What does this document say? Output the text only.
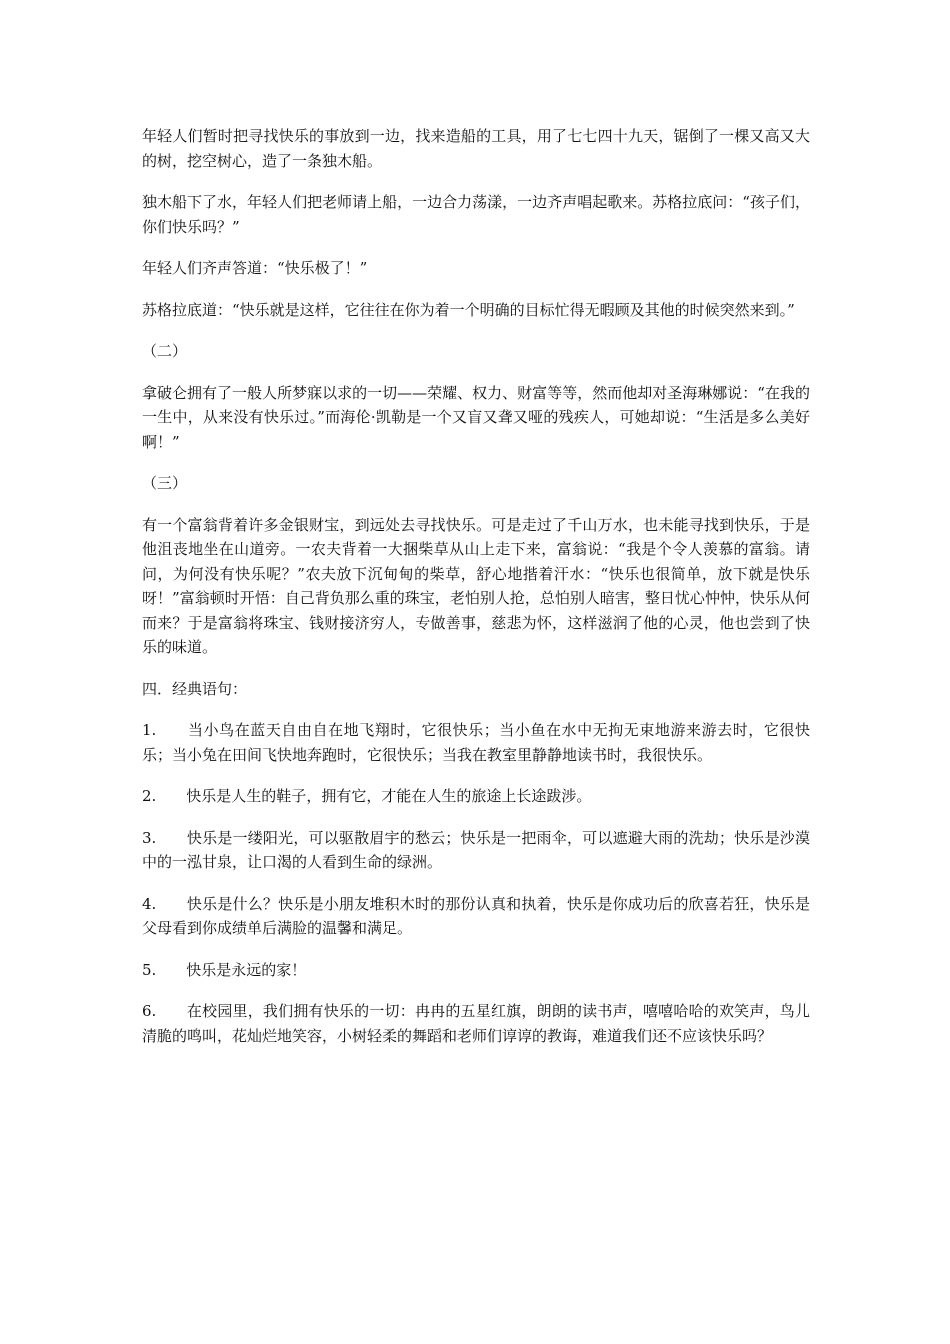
年轻人们暂时把寻找快乐的事放到一边，找来造船的工具，用了七七四十九天，锯倒了一棵又高又大的树，挖空树心，造了一条独木船。

独木船下了水，年轻人们把老师请上船，一边合力荡漾，一边齐声唱起歌来。苏格拉底问：“孩子们，你们快乐吗？”

年轻人们齐声答道：“快乐极了！”

苏格拉底道：“快乐就是这样，它往往在你为着一个明确的目标忙得无暇顾及其他的时候突然来到。”

（二）

拿破仑拥有了一般人所梦寐以求的一切——荣耀、权力、财富等等，然而他却对圣海琳娜说：“在我的一生中，从来没有快乐过。”而海伦·凯勒是一个又盲又聋又哑的残疾人，可她却说：“生活是多么美好啊！”

（三）

有一个富翁背着许多金银财宝，到远处去寻找快乐。可是走过了千山万水，也未能寻找到快乐，于是他沮丧地坐在山道旁。一农夫背着一大捆柴草从山上走下来，富翁说：“我是个令人羡慕的富翁。请问，为何没有快乐呢？”农夫放下沉甸甸的柴草，舒心地揩着汗水：“快乐也很简单，放下就是快乐呀！”富翁顿时开悟：自己背负那么重的珠宝，老怕别人抢，总怕别人暗害，整日忧心忡忡，快乐从何而来？于是富翁将珠宝、钱财接济穷人，专做善事，慈悲为怀，这样滋润了他的心灵，他也尝到了快乐的味道。

四．经典语句：

1.　　当小鸟在蓝天自由自在地飞翔时，它很快乐；当小鱼在水中无拘无束地游来游去时，它很快乐；当小兔在田间飞快地奔跑时，它很快乐；当我在教室里静静地读书时，我很快乐。

2.　　快乐是人生的鞋子，拥有它，才能在人生的旅途上长途跋涉。

3.　　快乐是一缕阳光，可以驱散眉宇的愁云；快乐是一把雨伞，可以遮避大雨的洗劫；快乐是沙漠中的一泓甘泉，让口渴的人看到生命的绿洲。

4.　　快乐是什么？快乐是小朋友堆积木时的那份认真和执着，快乐是你成功后的欣喜若狂，快乐是父母看到你成绩单后满脸的温馨和满足。

5.　　快乐是永远的家！

6.　　在校园里，我们拥有快乐的一切：冉冉的五星红旗，朗朗的读书声，嘻嘻哈哈的欢笑声，鸟儿清脆的鸣叫，花灿烂地笑容，小树轻柔的舞蹈和老师们谆谆的教诲，难道我们还不应该快乐吗？
